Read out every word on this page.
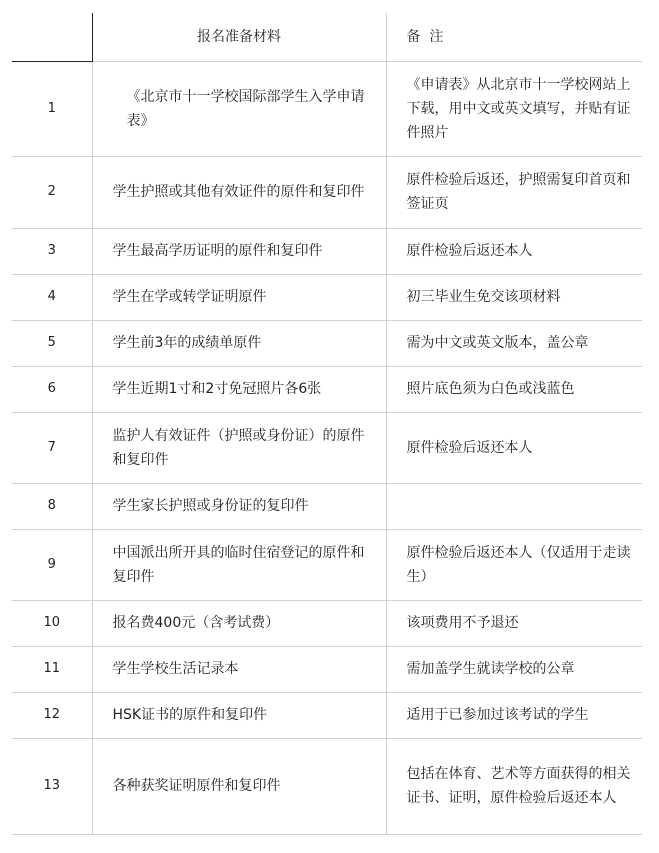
	报名准备材料	备  注
1	《北京市十一学校国际部学生入学申请表》	《申请表》从北京市十一学校网站上下载，用中文或英文填写，并贴有证件照片
2	学生护照或其他有效证件的原件和复印件	原件检验后返还，护照需复印首页和签证页
3	学生最高学历证明的原件和复印件	原件检验后返还本人
4	学生在学或转学证明原件	初三毕业生免交该项材料
5	学生前3年的成绩单原件	需为中文或英文版本，盖公章
6	学生近期1寸和2寸免冠照片各6张	照片底色须为白色或浅蓝色
7	监护人有效证件（护照或身份证）的原件和复印件	原件检验后返还本人
8	学生家长护照或身份证的复印件	
9	中国派出所开具的临时住宿登记的原件和复印件	原件检验后返还本人（仅适用于走读生）
10	报名费400元（含考试费）	该项费用不予退还
11	学生学校生活记录本	需加盖学生就读学校的公章
12	HSK证书的原件和复印件	适用于已参加过该考试的学生
13	各种获奖证明原件和复印件	包括在体育、艺术等方面获得的相关证书、证明，原件检验后返还本人
